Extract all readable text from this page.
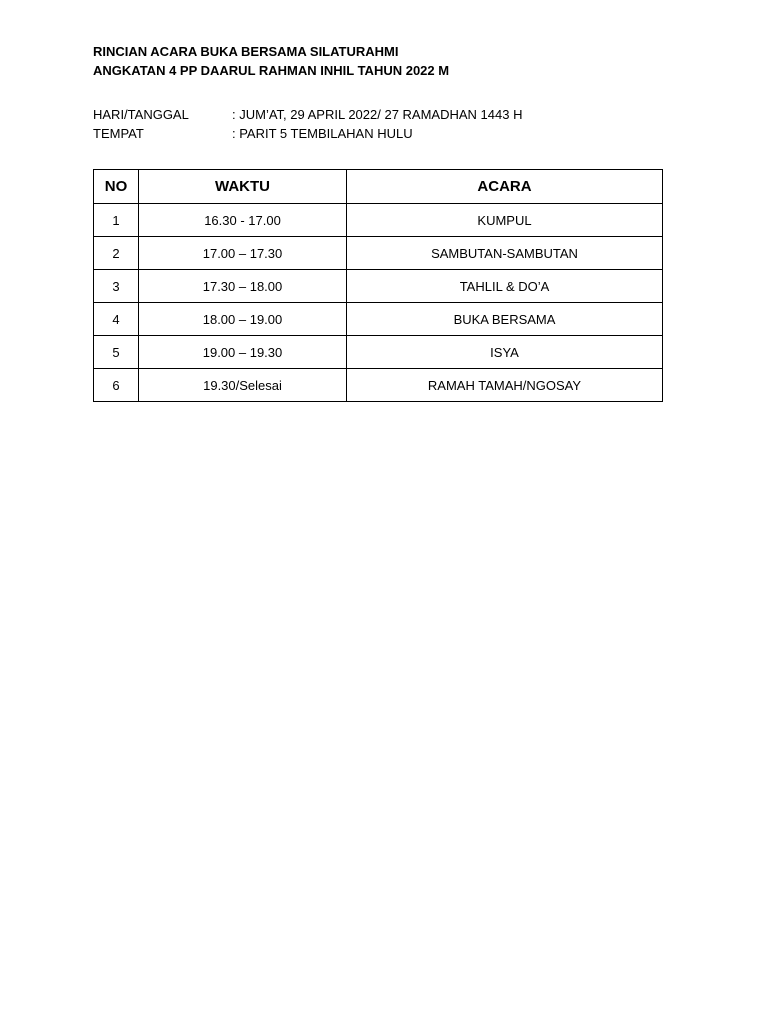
RINCIAN ACARA BUKA BERSAMA SILATURAHMI
ANGKATAN 4 PP DAARUL RAHMAN INHIL TAHUN 2022 M
HARI/TANGGAL	: JUM’AT, 29 APRIL 2022/ 27 RAMADHAN 1443 H
TEMPAT	: PARIT 5 TEMBILAHAN HULU
NO	WAKTU	ACARA
1	16.30 - 17.00	KUMPUL
2	17.00 – 17.30	SAMBUTAN-SAMBUTAN
3	17.30 – 18.00	TAHLIL & DO’A
4	18.00 – 19.00	BUKA BERSAMA
5	19.00 – 19.30	ISYA
6	19.30/Selesai	RAMAH TAMAH/NGOSAY
